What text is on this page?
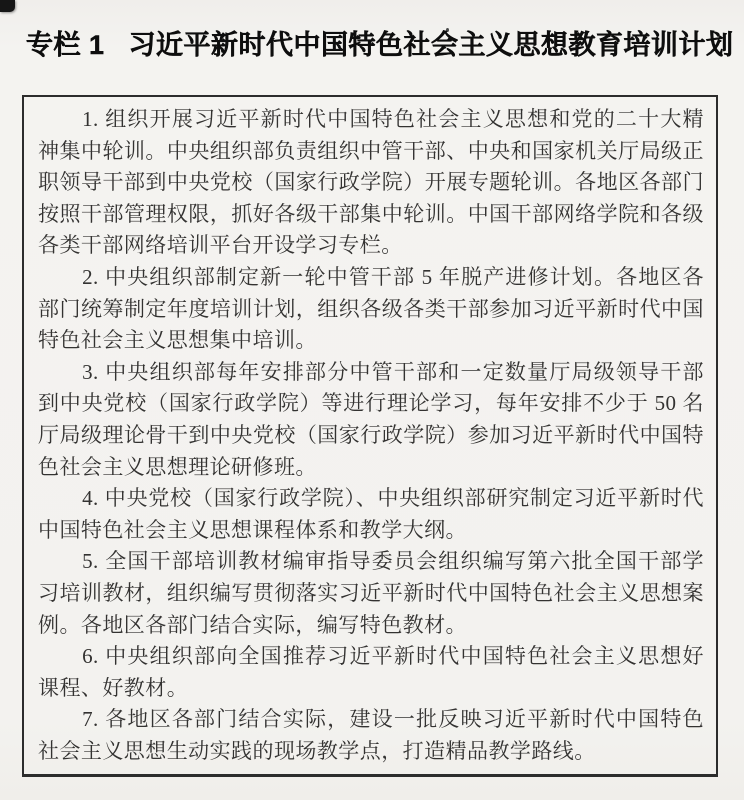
专栏 1 习近平新时代中国特色社会主义思想教育培训计划

1. 组织开展习近平新时代中国特色社会主义思想和党的二十大精神集中轮训。中央组织部负责组织中管干部、中央和国家机关厅局级正职领导干部到中央党校（国家行政学院）开展专题轮训。各地区各部门按照干部管理权限，抓好各级干部集中轮训。中国干部网络学院和各级各类干部网络培训平台开设学习专栏。

2. 中央组织部制定新一轮中管干部 5 年脱产进修计划。各地区各部门统筹制定年度培训计划，组织各级各类干部参加习近平新时代中国特色社会主义思想集中培训。

3. 中央组织部每年安排部分中管干部和一定数量厅局级领导干部到中央党校（国家行政学院）等进行理论学习，每年安排不少于 50 名厅局级理论骨干到中央党校（国家行政学院）参加习近平新时代中国特色社会主义思想理论研修班。

4. 中央党校（国家行政学院）、中央组织部研究制定习近平新时代中国特色社会主义思想课程体系和教学大纲。

5. 全国干部培训教材编审指导委员会组织编写第六批全国干部学习培训教材，组织编写贯彻落实习近平新时代中国特色社会主义思想案例。各地区各部门结合实际，编写特色教材。

6. 中央组织部向全国推荐习近平新时代中国特色社会主义思想好课程、好教材。

7. 各地区各部门结合实际，建设一批反映习近平新时代中国特色社会主义思想生动实践的现场教学点，打造精品教学路线。
